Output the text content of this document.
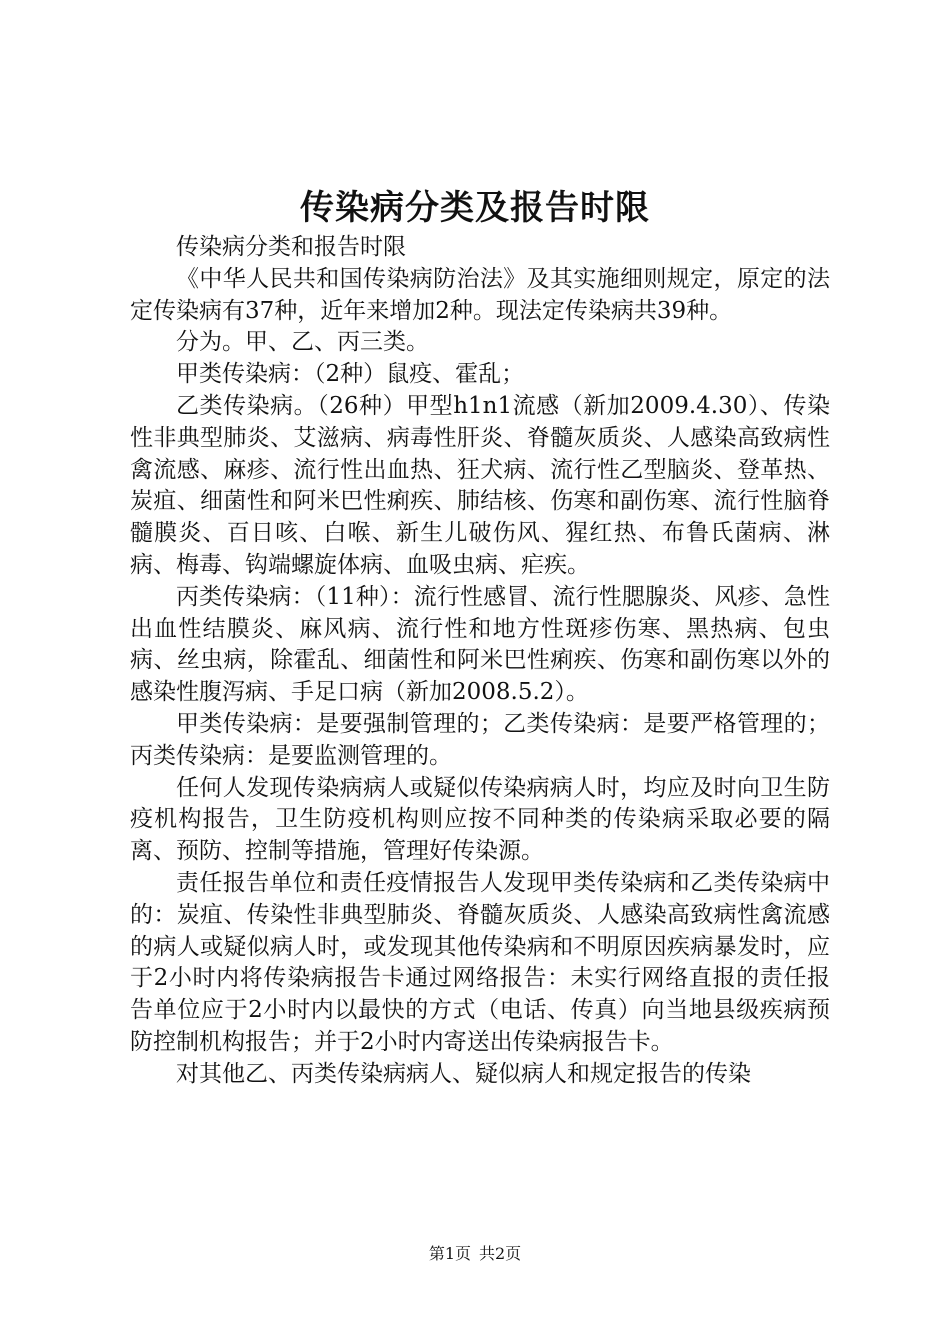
传染病分类及报告时限

传染病分类和报告时限

《中华人民共和国传染病防治法》及其实施细则规定，原定的法定传染病有37种，近年来增加2种。现法定传染病共39种。

分为。甲、乙、丙三类。

甲类传染病：（2种）鼠疫、霍乱；

乙类传染病。（26种）甲型h1n1流感（新加2009.4.30）、传染性非典型肺炎、艾滋病、病毒性肝炎、脊髓灰质炎、人感染高致病性禽流感、麻疹、流行性出血热、狂犬病、流行性乙型脑炎、登革热、炭疽、细菌性和阿米巴性痢疾、肺结核、伤寒和副伤寒、流行性脑脊髓膜炎、百日咳、白喉、新生儿破伤风、猩红热、布鲁氏菌病、淋病、梅毒、钩端螺旋体病、血吸虫病、疟疾。

丙类传染病：（11种）：流行性感冒、流行性腮腺炎、风疹、急性出血性结膜炎、麻风病、流行性和地方性斑疹伤寒、黑热病、包虫病、丝虫病，除霍乱、细菌性和阿米巴性痢疾、伤寒和副伤寒以外的感染性腹泻病、手足口病（新加2008.5.2）。

甲类传染病：是要强制管理的；乙类传染病：是要严格管理的；丙类传染病：是要监测管理的。

任何人发现传染病病人或疑似传染病病人时，均应及时向卫生防疫机构报告，卫生防疫机构则应按不同种类的传染病采取必要的隔离、预防、控制等措施，管理好传染源。

责任报告单位和责任疫情报告人发现甲类传染病和乙类传染病中的：炭疽、传染性非典型肺炎、脊髓灰质炎、人感染高致病性禽流感的病人或疑似病人时，或发现其他传染病和不明原因疾病暴发时，应于2小时内将传染病报告卡通过网络报告：未实行网络直报的责任报告单位应于2小时内以最快的方式（电话、传真）向当地县级疾病预防控制机构报告；并于2小时内寄送出传染病报告卡。

对其他乙、丙类传染病病人、疑似病人和规定报告的传染

第1页 共2页
